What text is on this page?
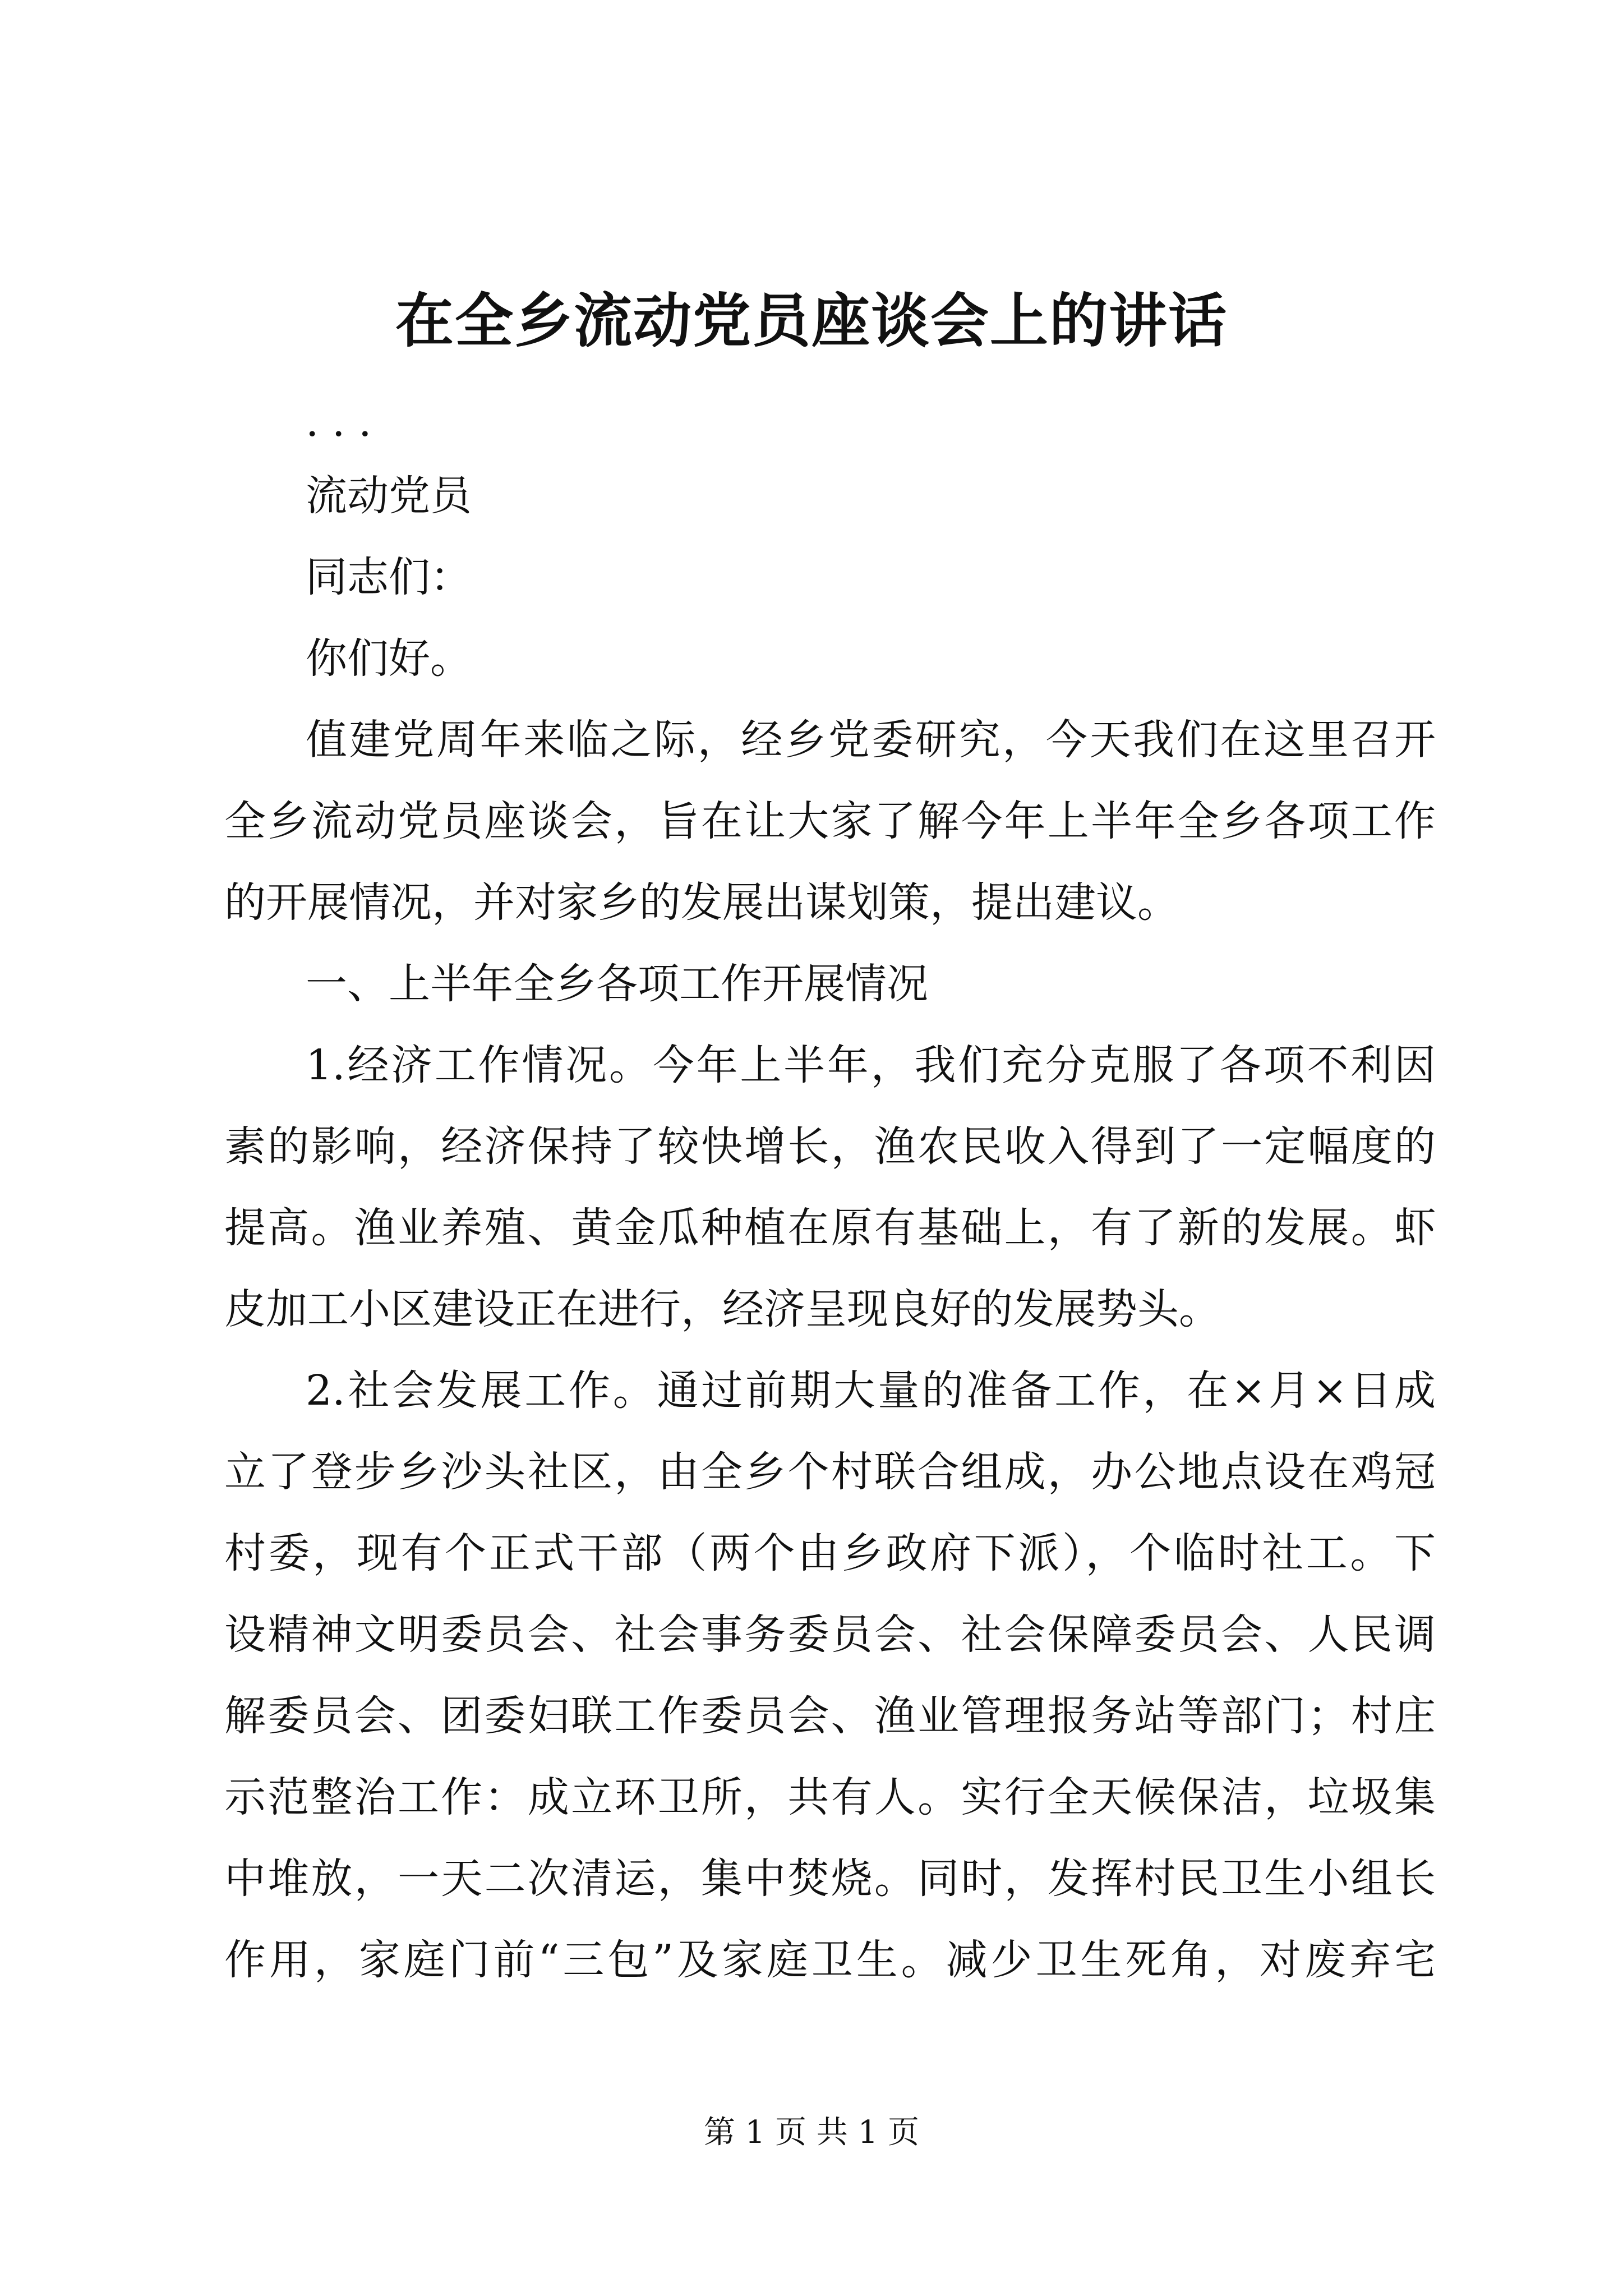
在全乡流动党员座谈会上的讲话
· · ·
流动党员
同志们：
你们好。
值建党周年来临之际，经乡党委研究，今天我们在这里召开
全乡流动党员座谈会，旨在让大家了解今年上半年全乡各项工作
的开展情况，并对家乡的发展出谋划策，提出建议。
一、上半年全乡各项工作开展情况
1.经济工作情况。今年上半年，我们充分克服了各项不利因
素的影响，经济保持了较快增长，渔农民收入得到了一定幅度的
提高。渔业养殖、黄金瓜种植在原有基础上，有了新的发展。虾
皮加工小区建设正在进行，经济呈现良好的发展势头。
2.社会发展工作。通过前期大量的准备工作，在×月×日成
立了登步乡沙头社区，由全乡个村联合组成，办公地点设在鸡冠
村委，现有个正式干部（两个由乡政府下派），个临时社工。下
设精神文明委员会、社会事务委员会、社会保障委员会、人民调
解委员会、团委妇联工作委员会、渔业管理报务站等部门；村庄
示范整治工作：成立环卫所，共有人。实行全天候保洁，垃圾集
中堆放，一天二次清运，集中焚烧。同时，发挥村民卫生小组长
作用，家庭门前“三包”及家庭卫生。减少卫生死角，对废弃宅
第 1 页 共 1 页
